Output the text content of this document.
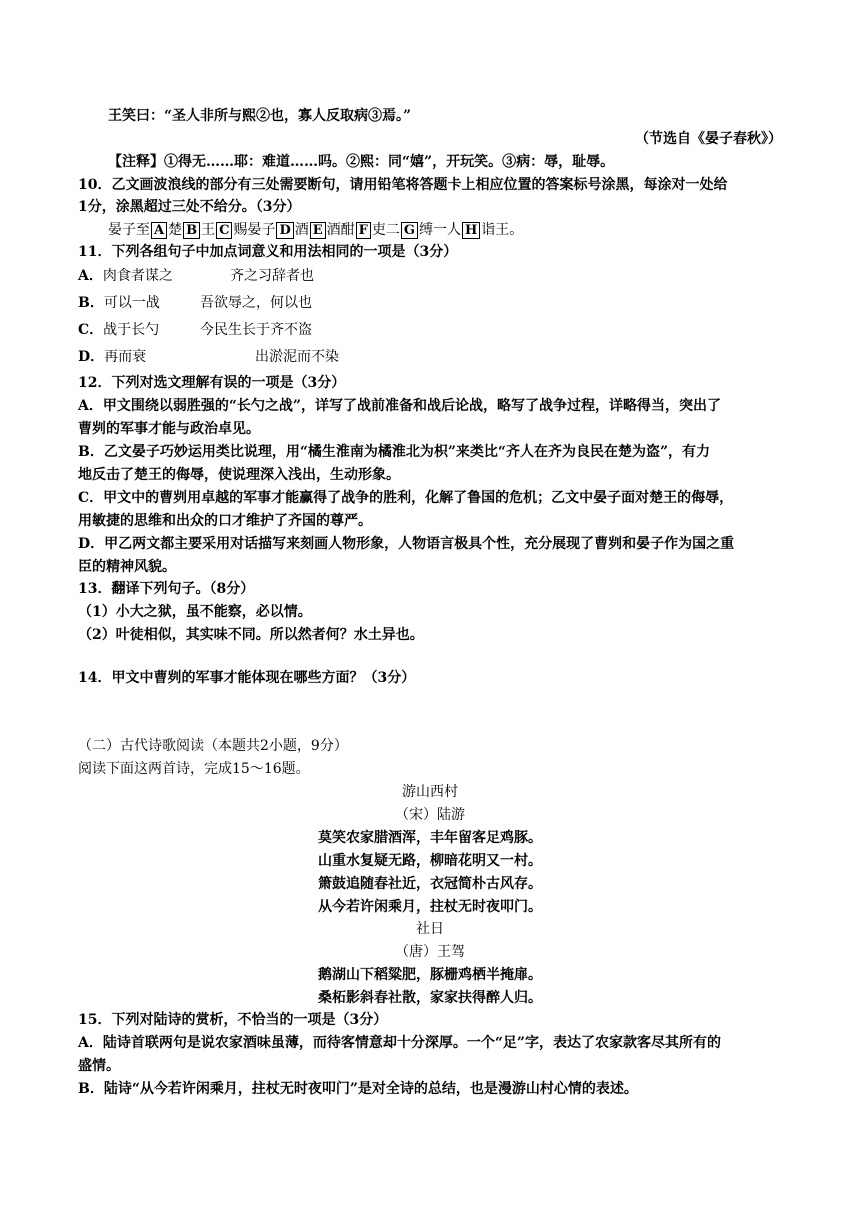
王笑曰：“圣人非所与熙②也，寡人反取病③焉。”
（节选自《晏子春秋》）
【注释】①得无……耶：难道……吗。②熙：同“嬉”，开玩笑。③病：辱，耻辱。
10．乙文画波浪线的部分有三处需要断句，请用铅笔将答题卡上相应位置的答案标号涂黑，每涂对一处给
1分，涂黑超过三处不给分。（3分）
晏子至 A 楚 B 王 C 赐晏子 D 酒 E 酒酣 F 吏二 G 缚一人 H 诣王。
11．下列各组句子中加点词意义和用法相同的一项是（3分）
A．肉食者谋之	齐之习辞者也
B．可以一战	吾欲辱之，何以也
C．战于长勺	今民生长于齐不盗
D．再而衰	出淤泥而不染
12．下列对选文理解有误的一项是（3分）
A．甲文围绕以弱胜强的“长勺之战”，详写了战前准备和战后论战，略写了战争过程，详略得当，突出了
曹刿的军事才能与政治卓见。
B．乙文晏子巧妙运用类比说理，用“橘生淮南为橘淮北为枳”来类比“齐人在齐为良民在楚为盗”，有力
地反击了楚王的侮辱，使说理深入浅出，生动形象。
C．甲文中的曹刿用卓越的军事才能赢得了战争的胜利，化解了鲁国的危机；乙文中晏子面对楚王的侮辱，
用敏捷的思维和出众的口才维护了齐国的尊严。
D．甲乙两文都主要采用对话描写来刻画人物形象，人物语言极具个性，充分展现了曹刿和晏子作为国之重
臣的精神风貌。
13．翻译下列句子。（8分）
（1）小大之狱，虽不能察，必以情。
（2）叶徒相似，其实味不同。所以然者何？水土异也。
14．甲文中曹刿的军事才能体现在哪些方面？（3分）
（二）古代诗歌阅读（本题共2小题，9分）
阅读下面这两首诗，完成15～16题。
游山西村
（宋）陆游
莫笑农家腊酒浑，丰年留客足鸡豚。
山重水复疑无路，柳暗花明又一村。
箫鼓追随春社近，衣冠简朴古风存。
从今若许闲乘月，拄杖无时夜叩门。
社日
（唐）王驾
鹅湖山下稻粱肥，豚栅鸡栖半掩扉。
桑柘影斜春社散，家家扶得醉人归。
15．下列对陆诗的赏析，不恰当的一项是（3分）
A．陆诗首联两句是说农家酒味虽薄，而待客情意却十分深厚。一个“足”字，表达了农家款客尽其所有的
盛情。
B．陆诗“从今若许闲乘月，拄杖无时夜叩门”是对全诗的总结，也是漫游山村心情的表述。
